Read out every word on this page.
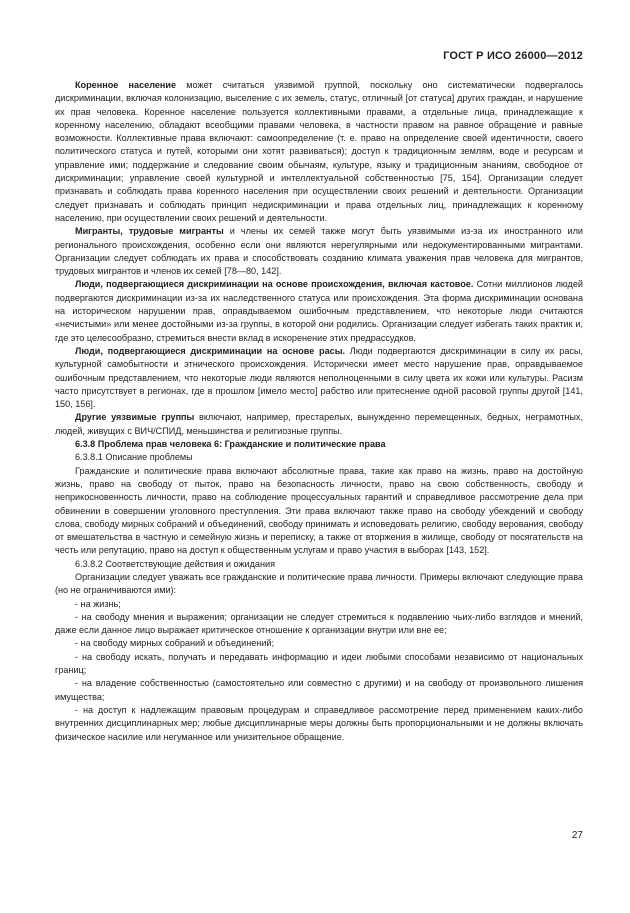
ГОСТ Р ИСО 26000—2012

Коренное население может считаться уязвимой группой, поскольку оно систематически подвергалось дискриминации, включая колонизацию, выселение с их земель, статус, отличный [от статуса] других граждан, и нарушение их прав человека. Коренное население пользуется коллективными правами, а отдельные лица, принадлежащие к коренному населению, обладают всеобщими правами человека, в частности правом на равное обращение и равные возможности. Коллективные права включают: самоопределение (т. е. право на определение своей идентичности, своего политического статуса и путей, которыми они хотят развиваться); доступ к традиционным землям, воде и ресурсам и управление ими; поддержание и следование своим обычаям, культуре, языку и традиционным знаниям, свободное от дискриминации; управление своей культурной и интеллектуальной собственностью [75, 154]. Организации следует признавать и соблюдать права коренного населения при осуществлении своих решений и деятельности. Организации следует признавать и соблюдать принцип недискриминации и права отдельных лиц, принадлежащих к коренному населению, при осуществлении своих решений и деятельности.

Мигранты, трудовые мигранты и члены их семей также могут быть уязвимыми из-за их иностранного или регионального происхождения, особенно если они являются нерегулярными или недокументированными мигрантами. Организации следует соблюдать их права и способствовать созданию климата уважения прав человека для мигрантов, трудовых мигрантов и членов их семей [78—80, 142].

Люди, подвергающиеся дискриминации на основе происхождения, включая кастовое. Сотни миллионов людей подвергаются дискриминации из-за их наследственного статуса или происхождения. Эта форма дискриминации основана на историческом нарушении прав, оправдываемом ошибочным представлением, что некоторые люди считаются «нечистыми» или менее достойными из-за группы, в которой они родились. Организации следует избегать таких практик и, где это целесообразно, стремиться внести вклад в искоренение этих предрассудков.

Люди, подвергающиеся дискриминации на основе расы. Люди подвергаются дискриминации в силу их расы, культурной самобытности и этнического происхождения. Исторически имеет место нарушение прав, оправдываемое ошибочным представлением, что некоторые люди являются неполноценными в силу цвета их кожи или культуры. Расизм часто присутствует в регионах, где в прошлом [имело место] рабство или притеснение одной расовой группы другой [141, 150, 156].

Другие уязвимые группы включают, например, престарелых, вынужденно перемещенных, бедных, неграмотных, людей, живущих с ВИЧ/СПИД, меньшинства и религиозные группы.

6.3.8 Проблема прав человека 6: Гражданские и политические права

6.3.8.1 Описание проблемы

Гражданские и политические права включают абсолютные права, такие как право на жизнь, право на достойную жизнь, право на свободу от пыток, право на безопасность личности, право на свою собственность, свободу и неприкосновенность личности, право на соблюдение процессуальных гарантий и справедливое рассмотрение дела при обвинении в совершении уголовного преступления. Эти права включают также право на свободу убеждений и свободу слова, свободу мирных собраний и объединений, свободу принимать и исповедовать религию, свободу верования, свободу от вмешательства в частную и семейную жизнь и переписку, а также от вторжения в жилище, свободу от посягательств на честь или репутацию, право на доступ к общественным услугам и право участия в выборах [143, 152].

6.3.8.2 Соответствующие действия и ожидания

Организации следует уважать все гражданские и политические права личности. Примеры включают следующие права (но не ограничиваются ими):

- на жизнь;

- на свободу мнения и выражения; организации не следует стремиться к подавлению чьих-либо взглядов и мнений, даже если данное лицо выражает критическое отношение к организации внутри или вне ее;

- на свободу мирных собраний и объединений;

- на свободу искать, получать и передавать информацию и идеи любыми способами независимо от национальных границ;

- на владение собственностью (самостоятельно или совместно с другими) и на свободу от произвольного лишения имущества;

- на доступ к надлежащим правовым процедурам и справедливое рассмотрение перед применением каких-либо внутренних дисциплинарных мер; любые дисциплинарные меры должны быть пропорциональными и не должны включать физическое насилие или негуманное или унизительное обращение.

27
